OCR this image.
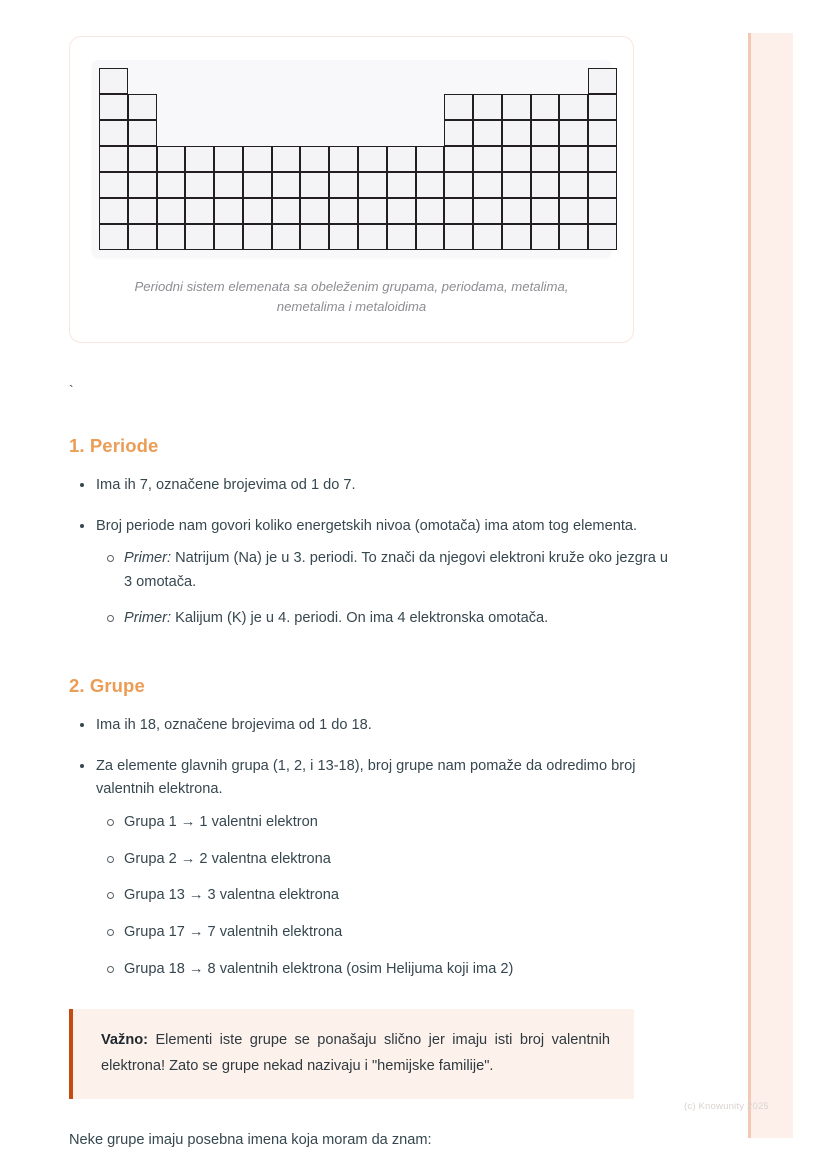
Periodni sistem elemenata sa obeleženim grupama, periodama, metalima, nemetalima i metaloidima
`
1. Periode
Ima ih 7, označene brojevima od 1 do 7.
Broj periode nam govori koliko energetskih nivoa (omotača) ima atom tog elementa.
Primer: Natrijum (Na) je u 3. periodi. To znači da njegovi elektroni kruže oko jezgra u 3 omotača.
Primer: Kalijum (K) je u 4. periodi. On ima 4 elektronska omotača.
2. Grupe
Ima ih 18, označene brojevima od 1 do 18.
Za elemente glavnih grupa (1, 2, i 13-18), broj grupe nam pomaže da odredimo broj valentnih elektrona.
Grupa 1 → 1 valentni elektron
Grupa 2 → 2 valentna elektrona
Grupa 13 → 3 valentna elektrona
Grupa 17 → 7 valentnih elektrona
Grupa 18 → 8 valentnih elektrona (osim Helijuma koji ima 2)
Važno: Elementi iste grupe se ponašaju slično jer imaju isti broj valentnih elektrona! Zato se grupe nekad nazivaju i "hemijske familije".

Neke grupe imaju posebna imena koja moram da znam:

(c) Knowunity 2025
